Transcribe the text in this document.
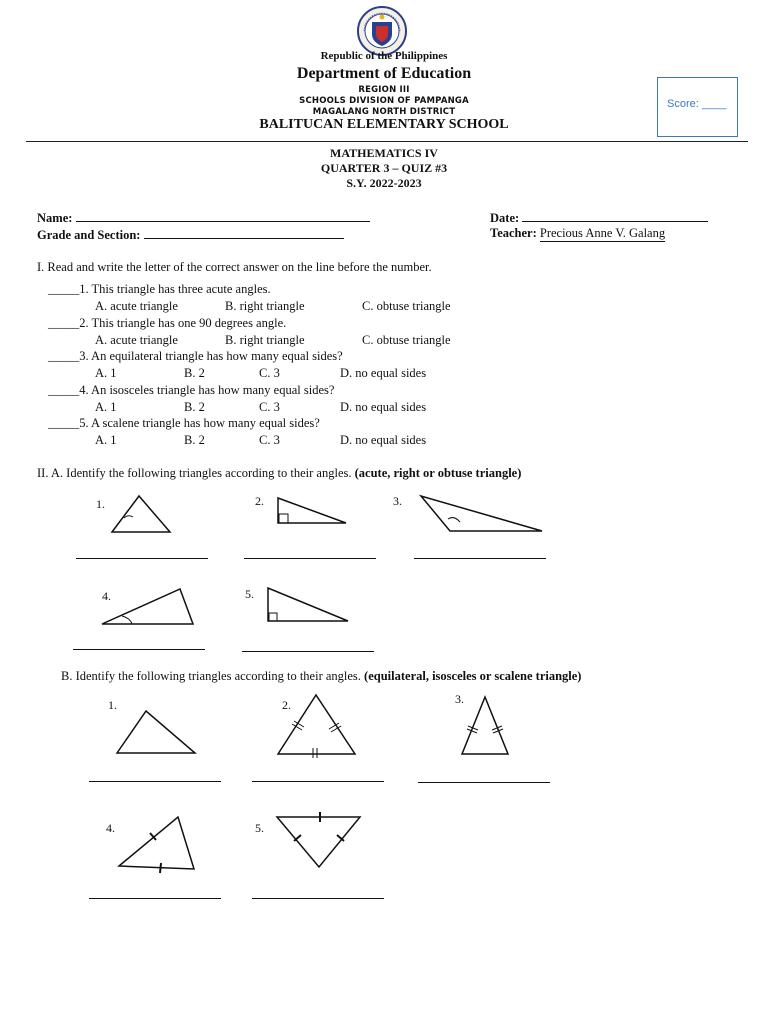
Republic of the Philippines
Department of Education
REGION III
SCHOOLS DIVISION OF PAMPANGA
MAGALANG NORTH DISTRICT
BALITUCAN ELEMENTARY SCHOOL
Score: ____
MATHEMATICS IV
QUARTER 3 – QUIZ #3
S.Y. 2022-2023
Name:	Date:
Grade and Section:	Teacher: Precious Anne V. Galang
I. Read and write the letter of the correct answer on the line before the number.
_____1. This triangle has three acute angles.
A. acute triangle	B. right triangle	C. obtuse triangle
_____2. This triangle has one 90 degrees angle.
A. acute triangle	B. right triangle	C. obtuse triangle
_____3. An equilateral triangle has how many equal sides?
A. 1	B. 2	C. 3	D. no equal sides
_____4. An isosceles triangle has how many equal sides?
A. 1	B. 2	C. 3	D. no equal sides
_____5. A scalene triangle has how many equal sides?
A. 1	B. 2	C. 3	D. no equal sides
II. A. Identify the following triangles according to their angles. (acute, right or obtuse triangle)
1.	2.	3.
4.	5.
B. Identify the following triangles according to their angles. (equilateral, isosceles or scalene triangle)
1.	2.	3.
4.	5.
